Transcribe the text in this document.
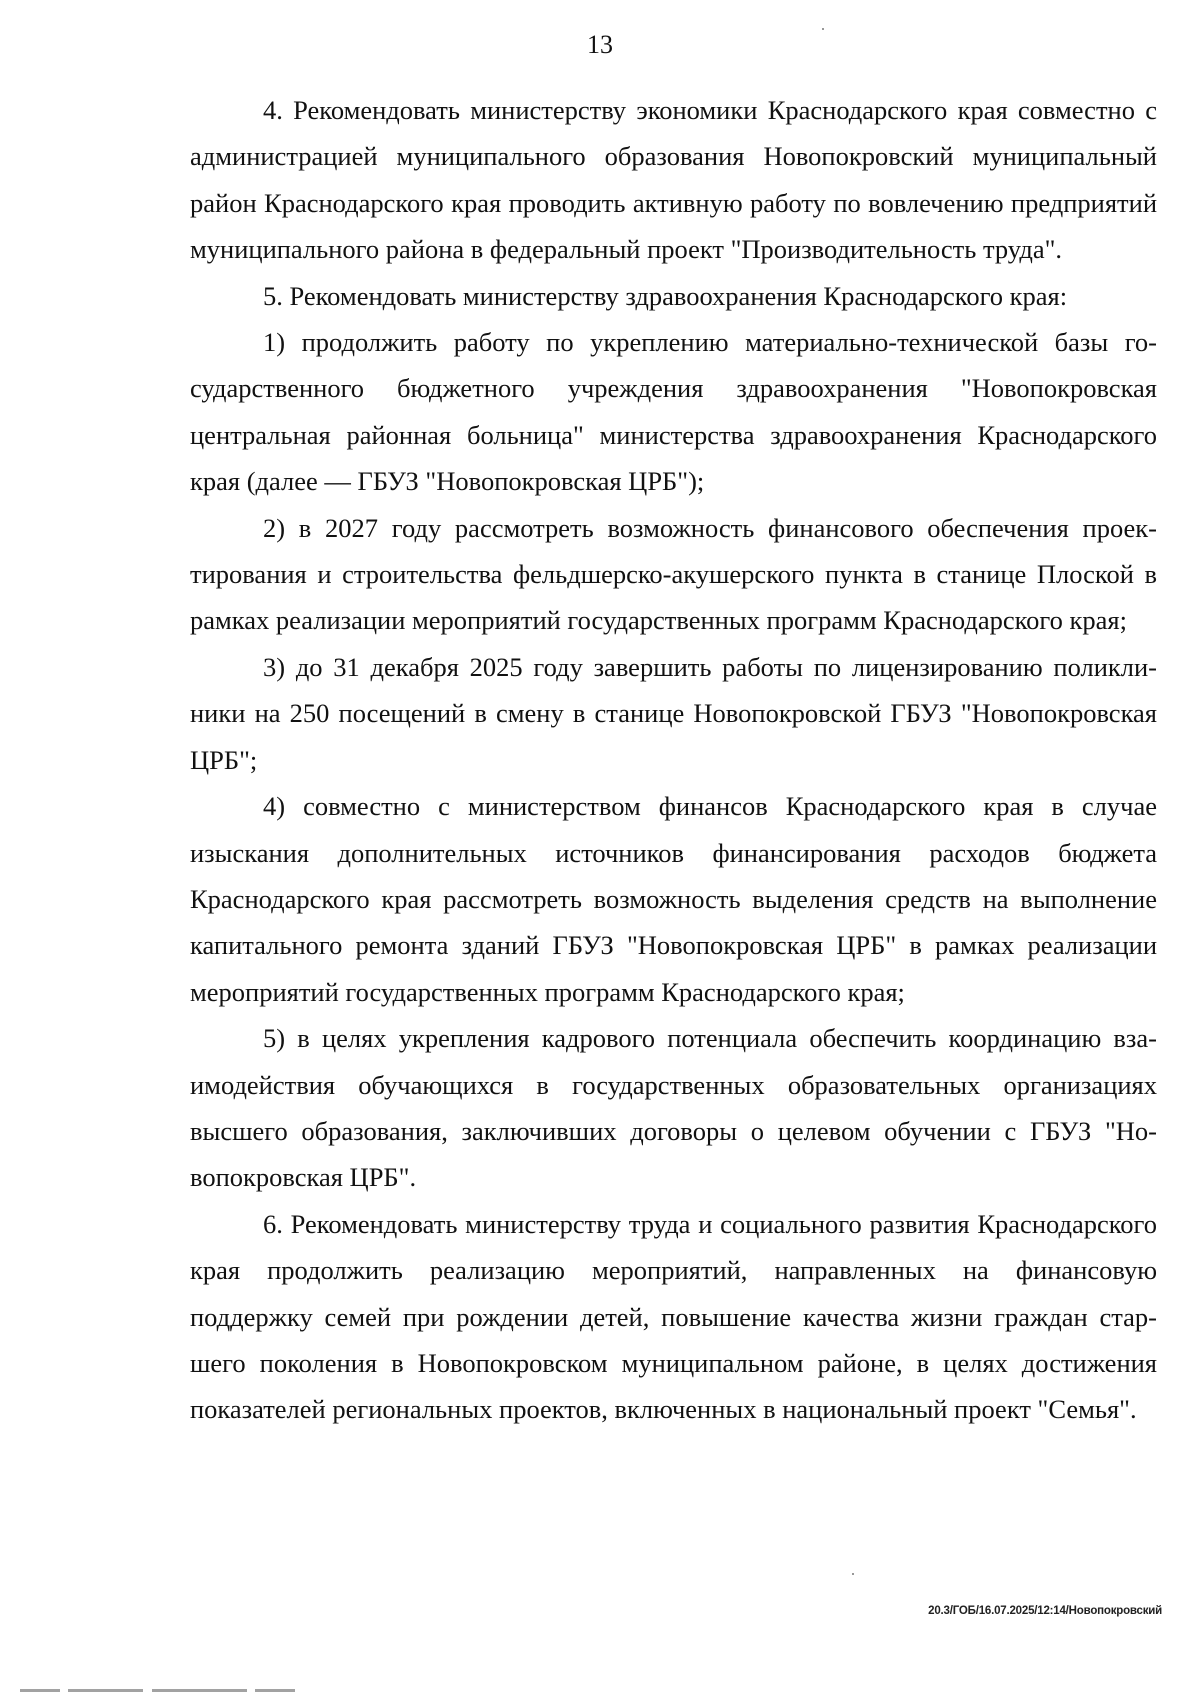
13

4. Рекомендовать министерству экономики Краснодарского края совместно с администрацией муниципального образования Новопокровский муниципальный район Краснодарского края проводить активную работу по вовлечению предприятий муниципального района в федеральный проект "Производительность труда".

5. Рекомендовать министерству здравоохранения Краснодарского края:

1) продолжить работу по укреплению материально-технической базы государственного бюджетного учреждения здравоохранения "Новопокровская центральная районная больница" министерства здравоохранения Краснодарского края (далее — ГБУЗ "Новопокровская ЦРБ");

2) в 2027 году рассмотреть возможность финансового обеспечения проектирования и строительства фельдшерско-акушерского пункта в станице Плоской в рамках реализации мероприятий государственных программ Краснодарского края;

3) до 31 декабря 2025 году завершить работы по лицензированию поликлиники на 250 посещений в смену в станице Новопокровской ГБУЗ "Новопокровская ЦРБ";

4) совместно с министерством финансов Краснодарского края в случае изыскания дополнительных источников финансирования расходов бюджета Краснодарского края рассмотреть возможность выделения средств на выполнение капитального ремонта зданий ГБУЗ "Новопокровская ЦРБ" в рамках реализации мероприятий государственных программ Краснодарского края;

5) в целях укрепления кадрового потенциала обеспечить координацию взаимодействия обучающихся в государственных образовательных организациях высшего образования, заключивших договоры о целевом обучении с ГБУЗ "Новопокровская ЦРБ".

6. Рекомендовать министерству труда и социального развития Краснодарского края продолжить реализацию мероприятий, направленных на финансовую поддержку семей при рождении детей, повышение качества жизни граждан старшего поколения в Новопокровском муниципальном районе, в целях достижения показателей региональных проектов, включенных в национальный проект "Семья".

20.3/ГОБ/16.07.2025/12:14/Новопокровский
